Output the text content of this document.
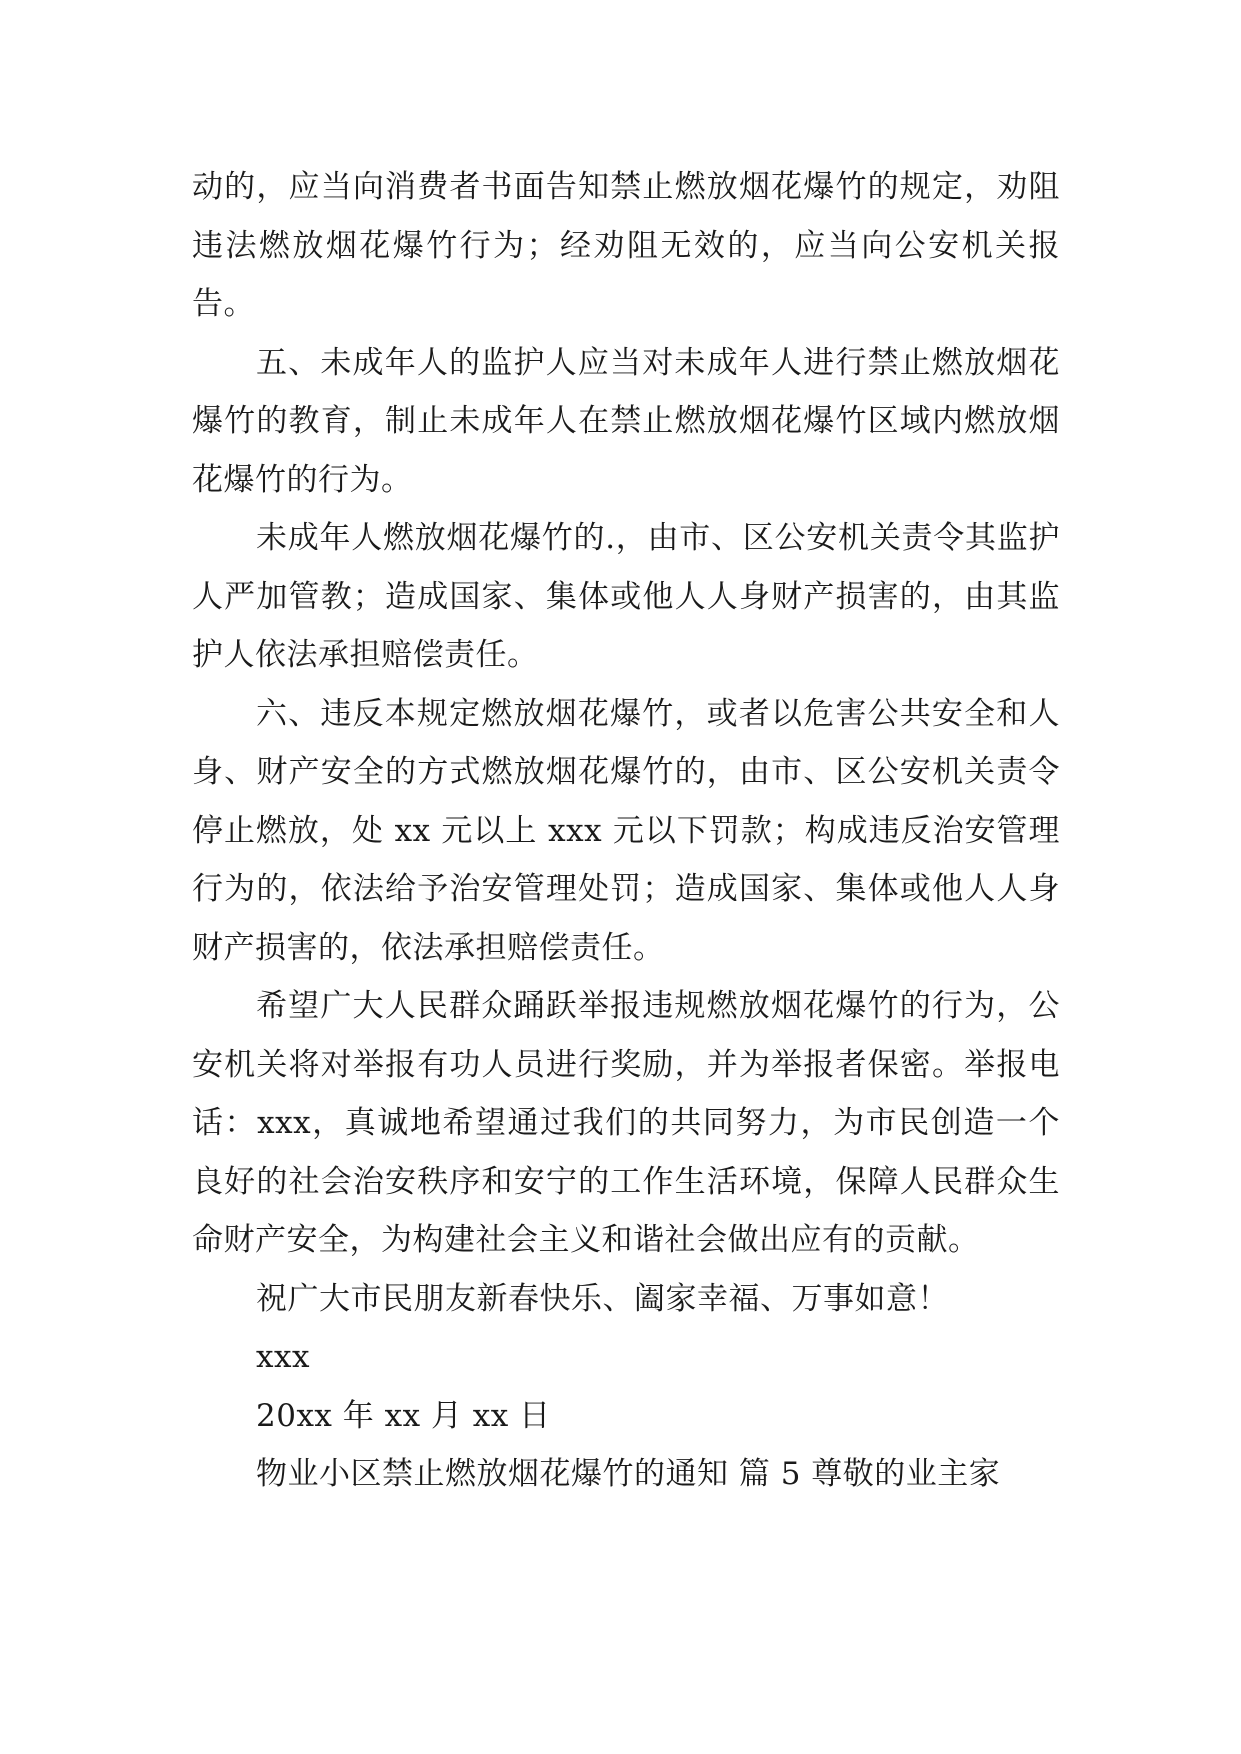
动的，应当向消费者书面告知禁止燃放烟花爆竹的规定，劝阻违法燃放烟花爆竹行为；经劝阻无效的，应当向公安机关报告。

五、未成年人的监护人应当对未成年人进行禁止燃放烟花爆竹的教育，制止未成年人在禁止燃放烟花爆竹区域内燃放烟花爆竹的行为。

未成年人燃放烟花爆竹的.，由市、区公安机关责令其监护人严加管教；造成国家、集体或他人人身财产损害的，由其监护人依法承担赔偿责任。

六、违反本规定燃放烟花爆竹，或者以危害公共安全和人身、财产安全的方式燃放烟花爆竹的，由市、区公安机关责令停止燃放，处 xx 元以上 xxx 元以下罚款；构成违反治安管理行为的，依法给予治安管理处罚；造成国家、集体或他人人身财产损害的，依法承担赔偿责任。

希望广大人民群众踊跃举报违规燃放烟花爆竹的行为，公安机关将对举报有功人员进行奖励，并为举报者保密。举报电话：xxx，真诚地希望通过我们的共同努力，为市民创造一个良好的社会治安秩序和安宁的工作生活环境，保障人民群众生命财产安全，为构建社会主义和谐社会做出应有的贡献。

祝广大市民朋友新春快乐、阖家幸福、万事如意！

xxx

20xx 年 xx 月 xx 日

物业小区禁止燃放烟花爆竹的通知 篇 5 尊敬的业主家
